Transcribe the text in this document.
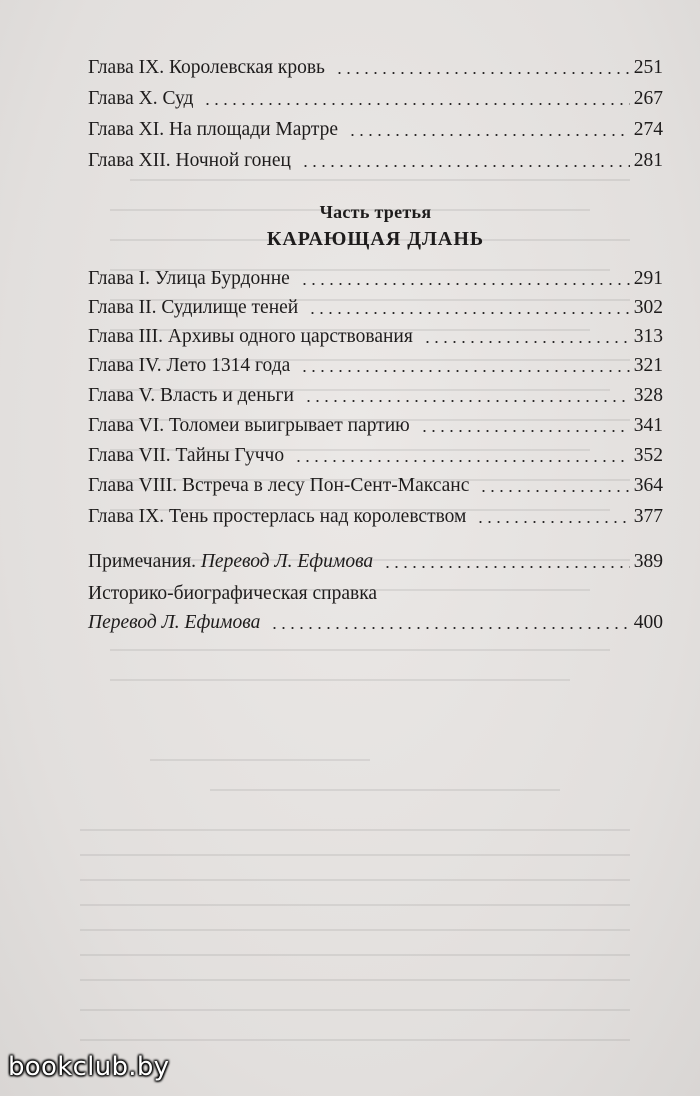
Глава IX. Королевская кровь	251
Глава X. Суд	267
Глава XI. На площади Мартре	274
Глава XII. Ночной гонец	281
Часть третья
КАРАЮЩАЯ ДЛАНЬ
Глава I. Улица Бурдонне	291
Глава II. Судилище теней	302
Глава III. Архивы одного царствования	313
Глава IV. Лето 1314 года	321
Глава V. Власть и деньги	328
Глава VI. Толомеи выигрывает партию	341
Глава VII. Тайны Гуччо	352
Глава VIII. Встреча в лесу Пон-Сент-Максанс	364
Глава IX. Тень простерлась над королевством	377
Примечания. Перевод Л. Ефимова	389
Историко-биографическая справка
Перевод Л. Ефимова	400
bookclub.by
